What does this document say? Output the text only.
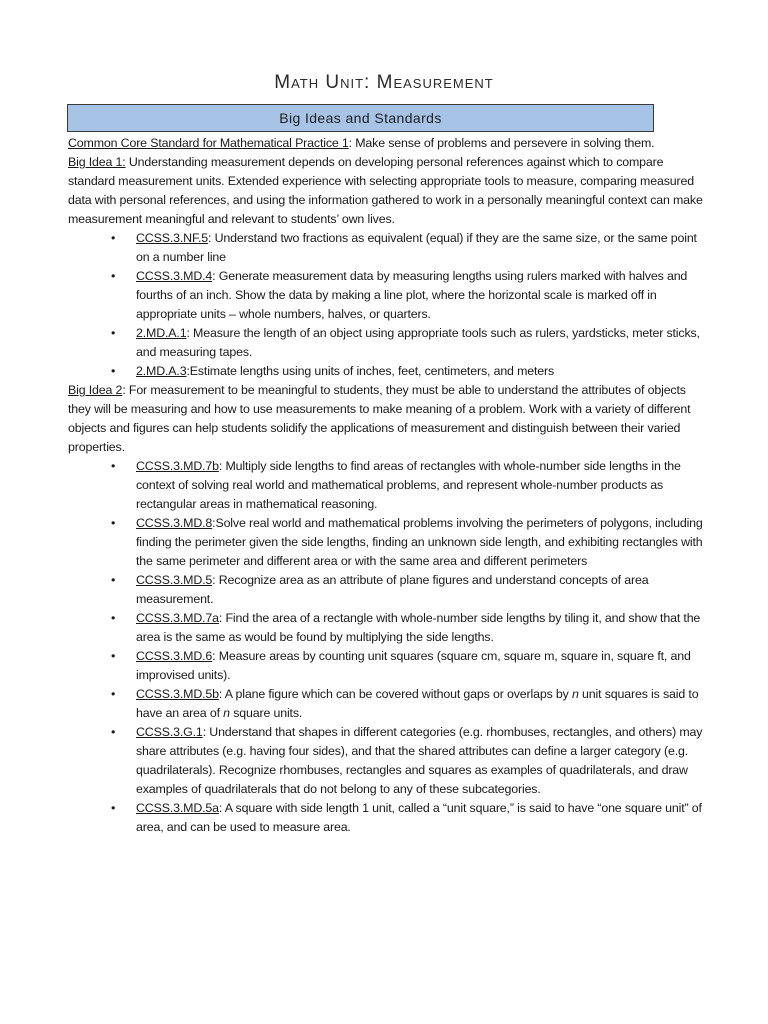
Math Unit: Measurement
Big Ideas and Standards

Common Core Standard for Mathematical Practice 1: Make sense of problems and persevere in solving them.

Big Idea 1: Understanding measurement depends on developing personal references against which to compare standard measurement units. Extended experience with selecting appropriate tools to measure, comparing measured data with personal references, and using the information gathered to work in a personally meaningful context can make measurement meaningful and relevant to students’ own lives.

• CCSS.3.NF.5: Understand two fractions as equivalent (equal) if they are the same size, or the same point on a number line
• CCSS.3.MD.4: Generate measurement data by measuring lengths using rulers marked with halves and fourths of an inch. Show the data by making a line plot, where the horizontal scale is marked off in appropriate units – whole numbers, halves, or quarters.
• 2.MD.A.1: Measure the length of an object using appropriate tools such as rulers, yardsticks, meter sticks, and measuring tapes.
• 2.MD.A.3:Estimate lengths using units of inches, feet, centimeters, and meters

Big Idea 2: For measurement to be meaningful to students, they must be able to understand the attributes of objects they will be measuring and how to use measurements to make meaning of a problem. Work with a variety of different objects and figures can help students solidify the applications of measurement and distinguish between their varied properties.

• CCSS.3.MD.7b: Multiply side lengths to find areas of rectangles with whole-number side lengths in the context of solving real world and mathematical problems, and represent whole-number products as rectangular areas in mathematical reasoning.
• CCSS.3.MD.8:Solve real world and mathematical problems involving the perimeters of polygons, including finding the perimeter given the side lengths, finding an unknown side length, and exhibiting rectangles with the same perimeter and different area or with the same area and different perimeters
• CCSS.3.MD.5: Recognize area as an attribute of plane figures and understand concepts of area measurement.
• CCSS.3.MD.7a: Find the area of a rectangle with whole-number side lengths by tiling it, and show that the area is the same as would be found by multiplying the side lengths.
• CCSS.3.MD.6: Measure areas by counting unit squares (square cm, square m, square in, square ft, and improvised units).
• CCSS.3.MD.5b: A plane figure which can be covered without gaps or overlaps by n unit squares is said to have an area of n square units.
• CCSS.3.G.1: Understand that shapes in different categories (e.g. rhombuses, rectangles, and others) may share attributes (e.g. having four sides), and that the shared attributes can define a larger category (e.g. quadrilaterals). Recognize rhombuses, rectangles and squares as examples of quadrilaterals, and draw examples of quadrilaterals that do not belong to any of these subcategories.
• CCSS.3.MD.5a: A square with side length 1 unit, called a “unit square,” is said to have “one square unit” of area, and can be used to measure area.
